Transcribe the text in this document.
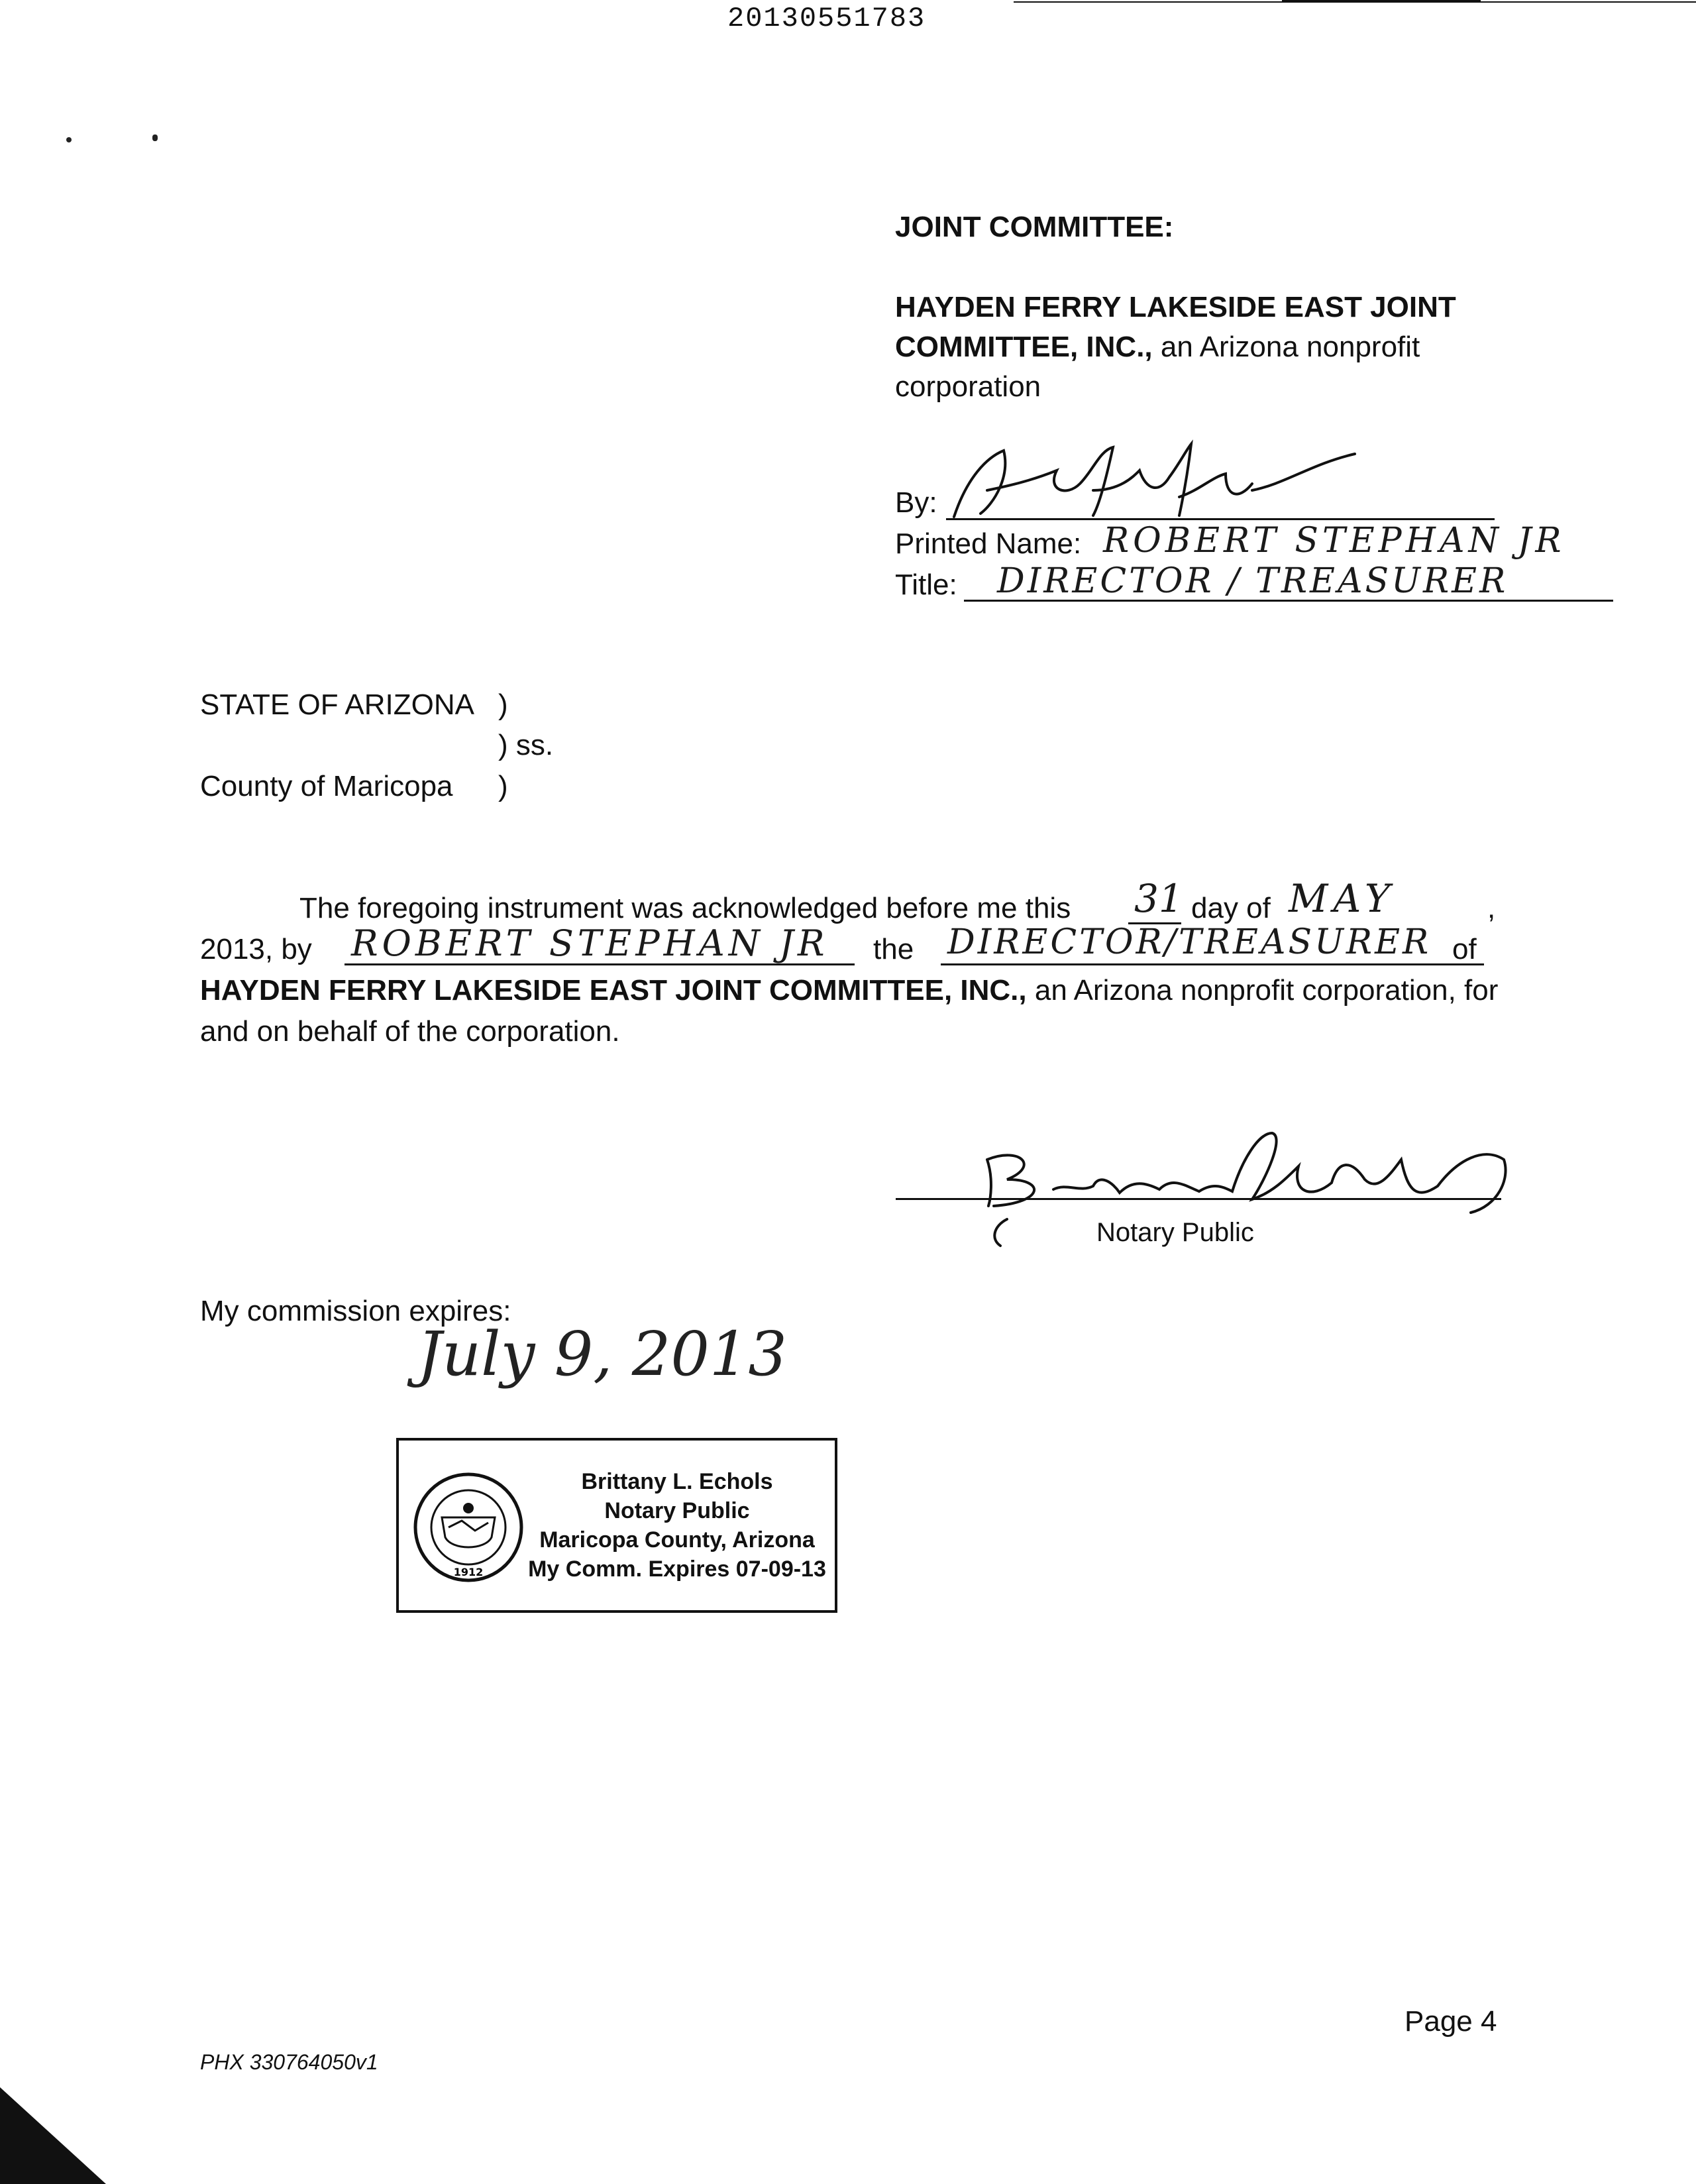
20130551783
JOINT COMMITTEE:
HAYDEN FERRY LAKESIDE EAST JOINT
COMMITTEE, INC., an Arizona nonprofit
corporation
By:
Printed Name: ROBERT STEPHAN JR
Title: DIRECTOR / TREASURER
STATE OF ARIZONA )
) ss.
County of Maricopa )
The foregoing instrument was acknowledged before me this 31 day of MAY	,
2013, by ROBERT STEPHAN JR the DIRECTOR/TREASURER of
HAYDEN FERRY LAKESIDE EAST JOINT COMMITTEE, INC., an Arizona nonprofit corporation, for
and on behalf of the corporation.
Notary Public
My commission expires:
July 9, 2013
1912
Brittany L. Echols
Notary Public
Maricopa County, Arizona
My Comm. Expires 07-09-13
Page 4
PHX 330764050v1
